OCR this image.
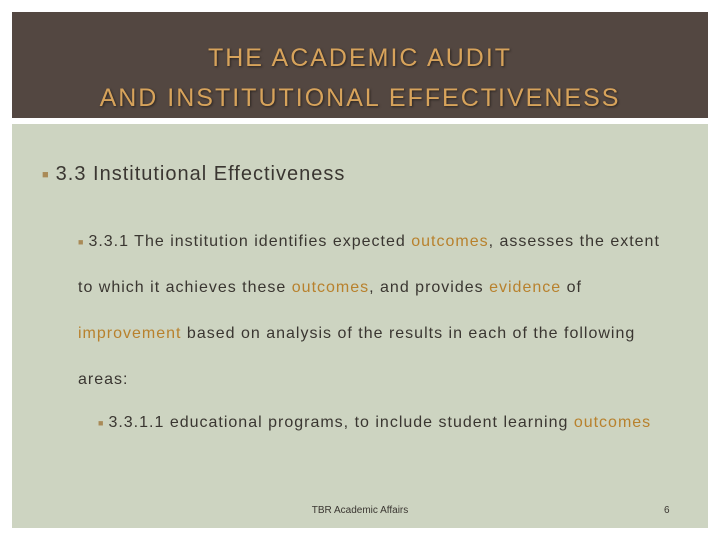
THE ACADEMIC AUDIT
AND INSTITUTIONAL EFFECTIVENESS
■ 3.3 Institutional Effectiveness
■ 3.3.1 The institution identifies expected outcomes, assesses the extent to which it achieves these outcomes, and provides evidence of improvement based on analysis of the results in each of the following areas:
■ 3.3.1.1 educational programs, to include student learning outcomes
TBR Academic Affairs	6
